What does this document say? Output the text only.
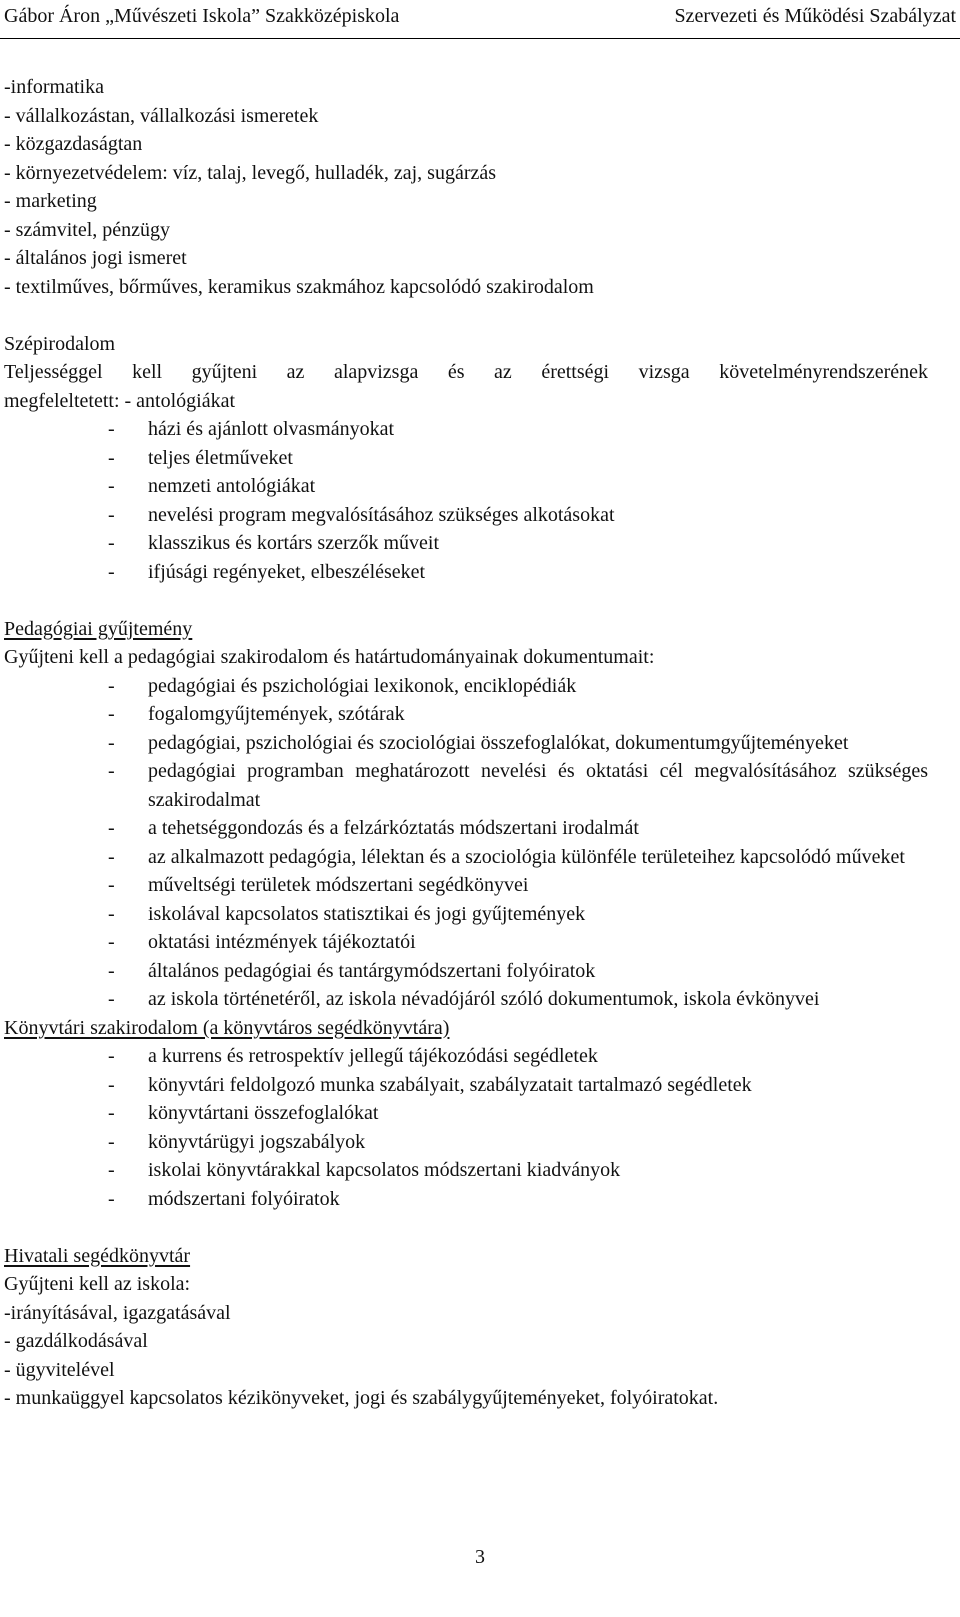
Gábor Áron „Művészeti Iskola” Szakközépiskola	Szervezeti és Működési Szabályzat
-informatika
- vállalkozástan, vállalkozási ismeretek
- közgazdaságtan
- környezetvédelem: víz, talaj, levegő, hulladék, zaj, sugárzás
- marketing
- számvitel, pénzügy
- általános jogi ismeret
- textilműves, bőrműves, keramikus szakmához kapcsolódó szakirodalom
Szépirodalom
Teljességgel kell gyűjteni az alapvizsga és az érettségi vizsga követelményrendszerének
megfeleltetett: - antológiákat
-	házi és ajánlott olvasmányokat
-	teljes életműveket
-	nemzeti antológiákat
-	nevelési program megvalósításához szükséges alkotásokat
-	klasszikus és kortárs szerzők műveit
-	ifjúsági regényeket, elbeszéléseket
Pedagógiai gyűjtemény
Gyűjteni kell a pedagógiai szakirodalom és határtudományainak dokumentumait:
-	pedagógiai és pszichológiai lexikonok, enciklopédiák
-	fogalomgyűjtemények, szótárak
-	pedagógiai, pszichológiai és szociológiai összefoglalókat, dokumentumgyűjteményeket
-	pedagógiai programban meghatározott nevelési és oktatási cél megvalósításához szükséges szakirodalmat
-	a tehetséggondozás és a felzárkóztatás módszertani irodalmát
-	az alkalmazott pedagógia, lélektan és a szociológia különféle területeihez kapcsolódó műveket
-	műveltségi területek módszertani segédkönyvei
-	iskolával kapcsolatos statisztikai és jogi gyűjtemények
-	oktatási intézmények tájékoztatói
-	általános pedagógiai és tantárgymódszertani folyóiratok
-	az iskola történetéről, az iskola névadójáról szóló dokumentumok, iskola évkönyvei
Könyvtári szakirodalom (a könyvtáros segédkönyvtára)
-	a kurrens és retrospektív jellegű tájékozódási segédletek
-	könyvtári feldolgozó munka szabályait, szabályzatait tartalmazó segédletek
-	könyvtártani összefoglalókat
-	könyvtárügyi jogszabályok
-	iskolai könyvtárakkal kapcsolatos módszertani kiadványok
-	módszertani folyóiratok
Hivatali segédkönyvtár
Gyűjteni kell az iskola:
-irányításával, igazgatásával
- gazdálkodásával
- ügyvitelével
- munkaüggyel kapcsolatos kézikönyveket, jogi és szabálygyűjteményeket, folyóiratokat.
3
